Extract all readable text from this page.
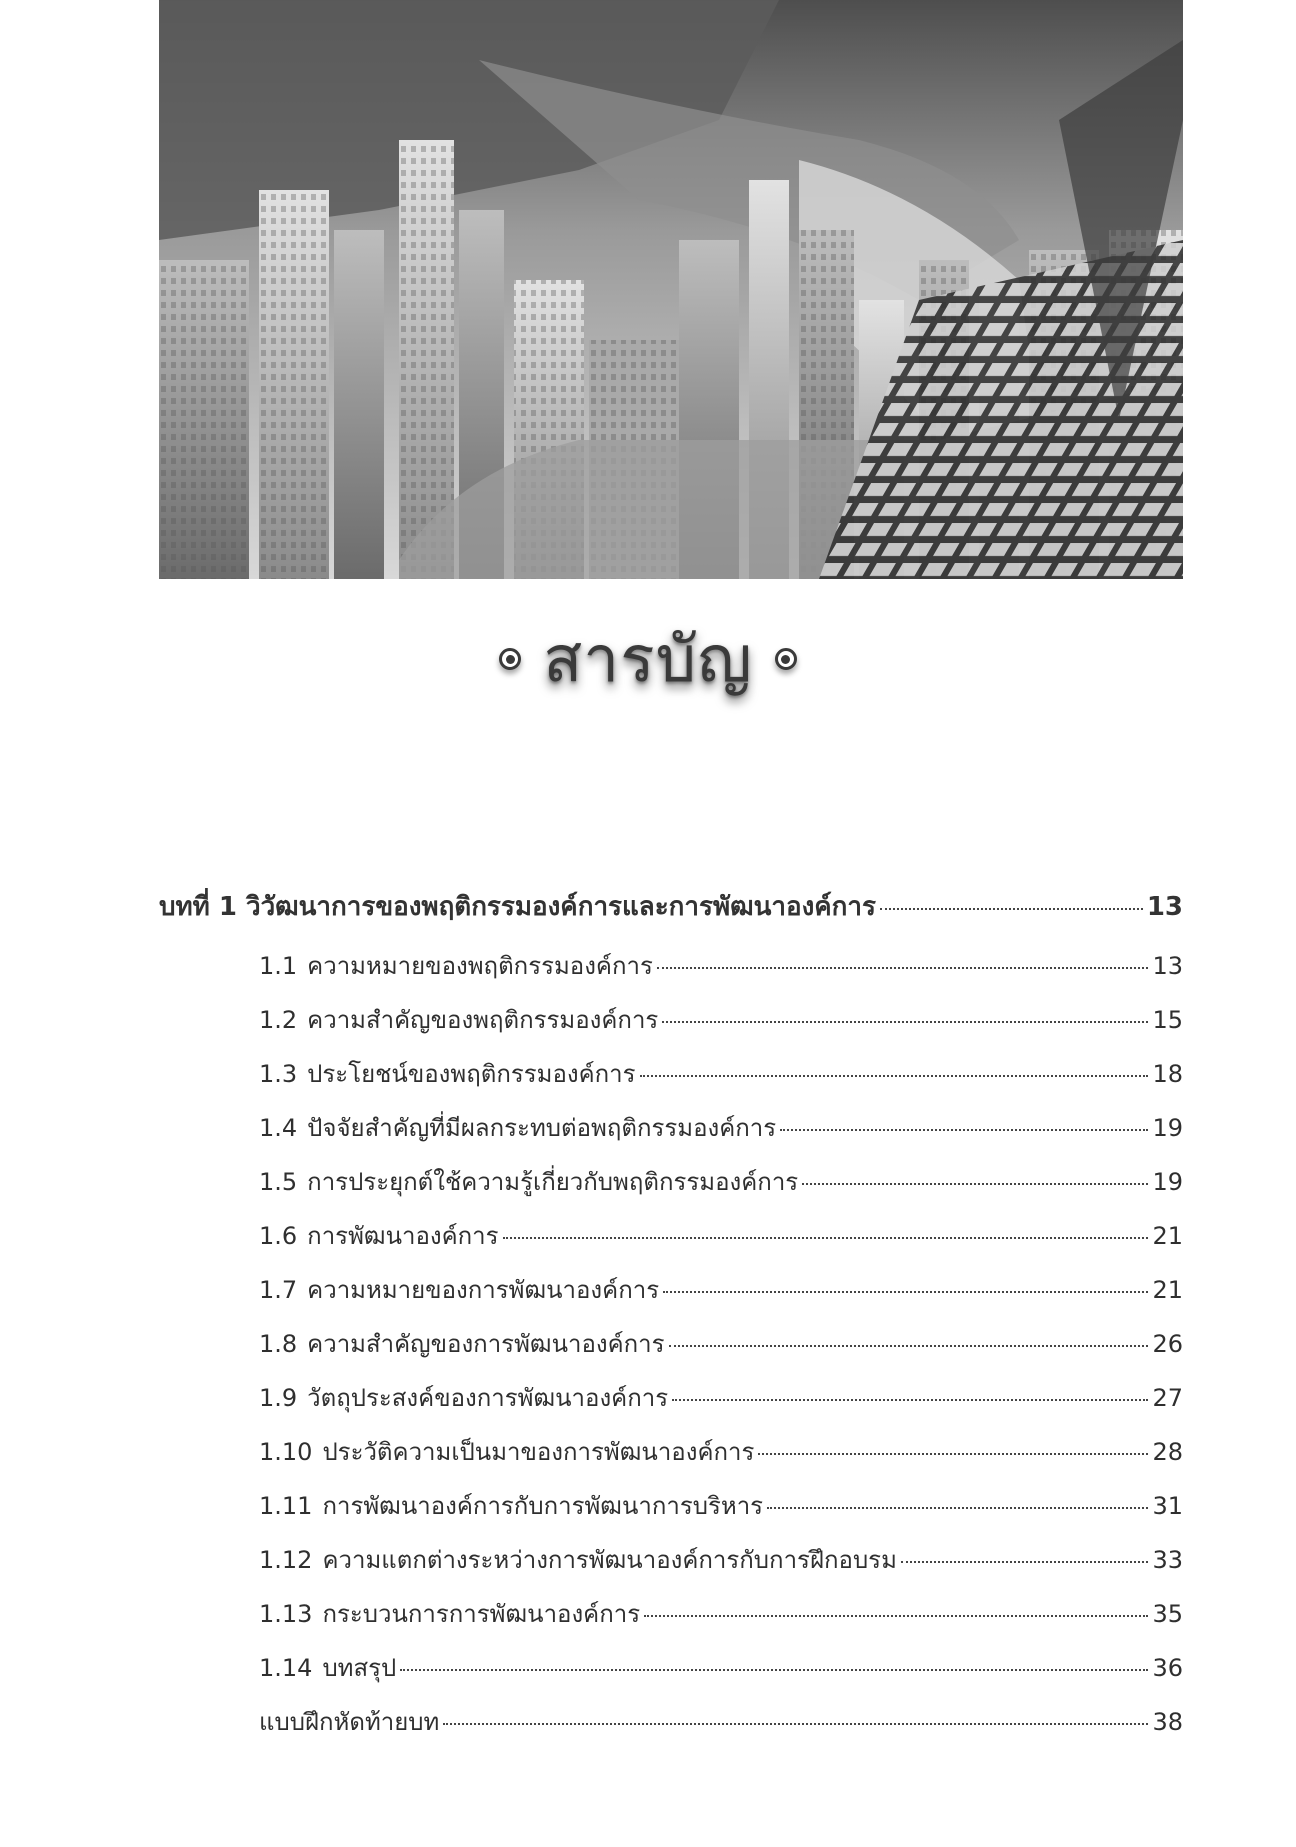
สารบัญ
บทที่ 1 วิวัฒนาการของพฤติกรรมองค์การและการพัฒนาองค์การ	13
1.1 ความหมายของพฤติกรรมองค์การ	13
1.2 ความสำคัญของพฤติกรรมองค์การ	15
1.3 ประโยชน์ของพฤติกรรมองค์การ	18
1.4 ปัจจัยสำคัญที่มีผลกระทบต่อพฤติกรรมองค์การ	19
1.5 การประยุกต์ใช้ความรู้เกี่ยวกับพฤติกรรมองค์การ	19
1.6 การพัฒนาองค์การ	21
1.7 ความหมายของการพัฒนาองค์การ	21
1.8 ความสำคัญของการพัฒนาองค์การ	26
1.9 วัตถุประสงค์ของการพัฒนาองค์การ	27
1.10 ประวัติความเป็นมาของการพัฒนาองค์การ	28
1.11 การพัฒนาองค์การกับการพัฒนาการบริหาร	31
1.12 ความแตกต่างระหว่างการพัฒนาองค์การกับการฝึกอบรม	33
1.13 กระบวนการการพัฒนาองค์การ	35
1.14 บทสรุป	36
แบบฝึกหัดท้ายบท	38
